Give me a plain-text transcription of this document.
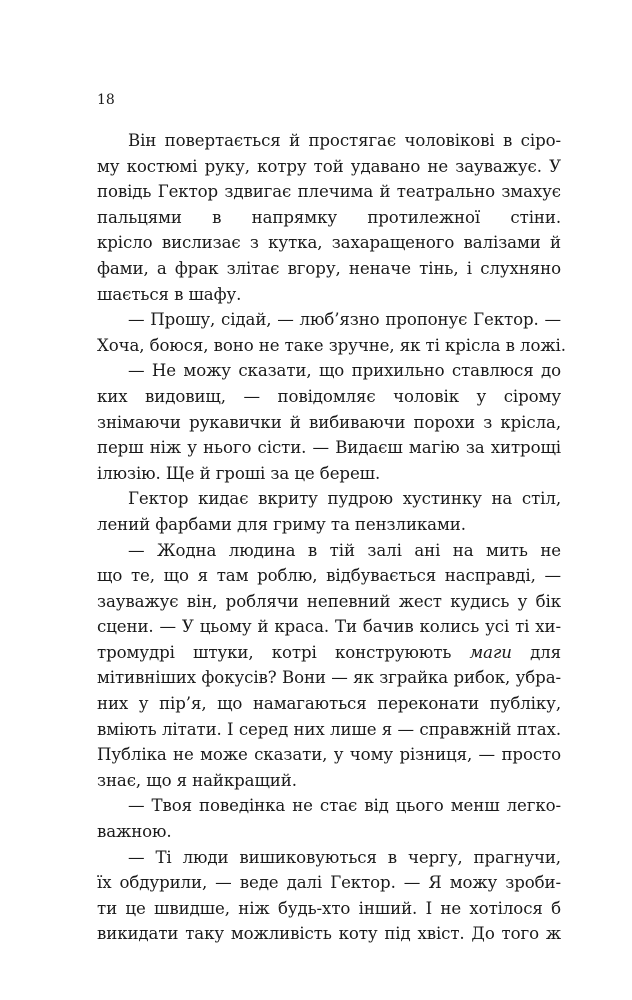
18
Він повертається й простягає чоловікові в сіро-
му костюмі руку, котру той удавано не зауважує. У
повідь Гектор здвигає плечима й театрально змахує
пальцями в напрямку протилежної стіни.
крісло вислизає з кутка, захаращеного валізами й
фами, а фрак злітає вгору, неначе тінь, і слухняно
шається в шафу.
— Прошу, сідай, — люб’язно пропонує Гектор. —
Хоча, боюся, воно не таке зручне, як ті крісла в ложі.
— Не можу сказати, що прихильно ставлюся до
ких видовищ, — повідомляє чоловік у сірому
знімаючи рукавички й вибиваючи порохи з крісла,
перш ніж у нього сісти. — Видаєш магію за хитрощі
ілюзію. Ще й гроші за це береш.
Гектор кидає вкриту пудрою хустинку на стіл,
лений фарбами для гриму та пензликами.
— Жодна людина в тій залі ані на мить не
що те, що я там роблю, відбувається насправді, —
зауважує він, роблячи непевний жест кудись у бік
сцени. — У цьому й краса. Ти бачив колись усі ті хи-
тромудрі штуки, котрі конструюють маги для
мітивніших фокусів? Вони — як зграйка рибок, убра-
них у пір’я, що намагаються переконати публіку,
вміють літати. І серед них лише я — справжній птах.
Публіка не може сказати, у чому різниця, — просто
знає, що я найкращий.
— Твоя поведінка не стає від цього менш легко-
важною.
— Ті люди вишиковуються в чергу, прагнучи,
їх обдурили, — веде далі Гектор. — Я можу зроби-
ти це швидше, ніж будь-хто інший. І не хотілося б
викидати таку можливість коту під хвіст. До того ж
